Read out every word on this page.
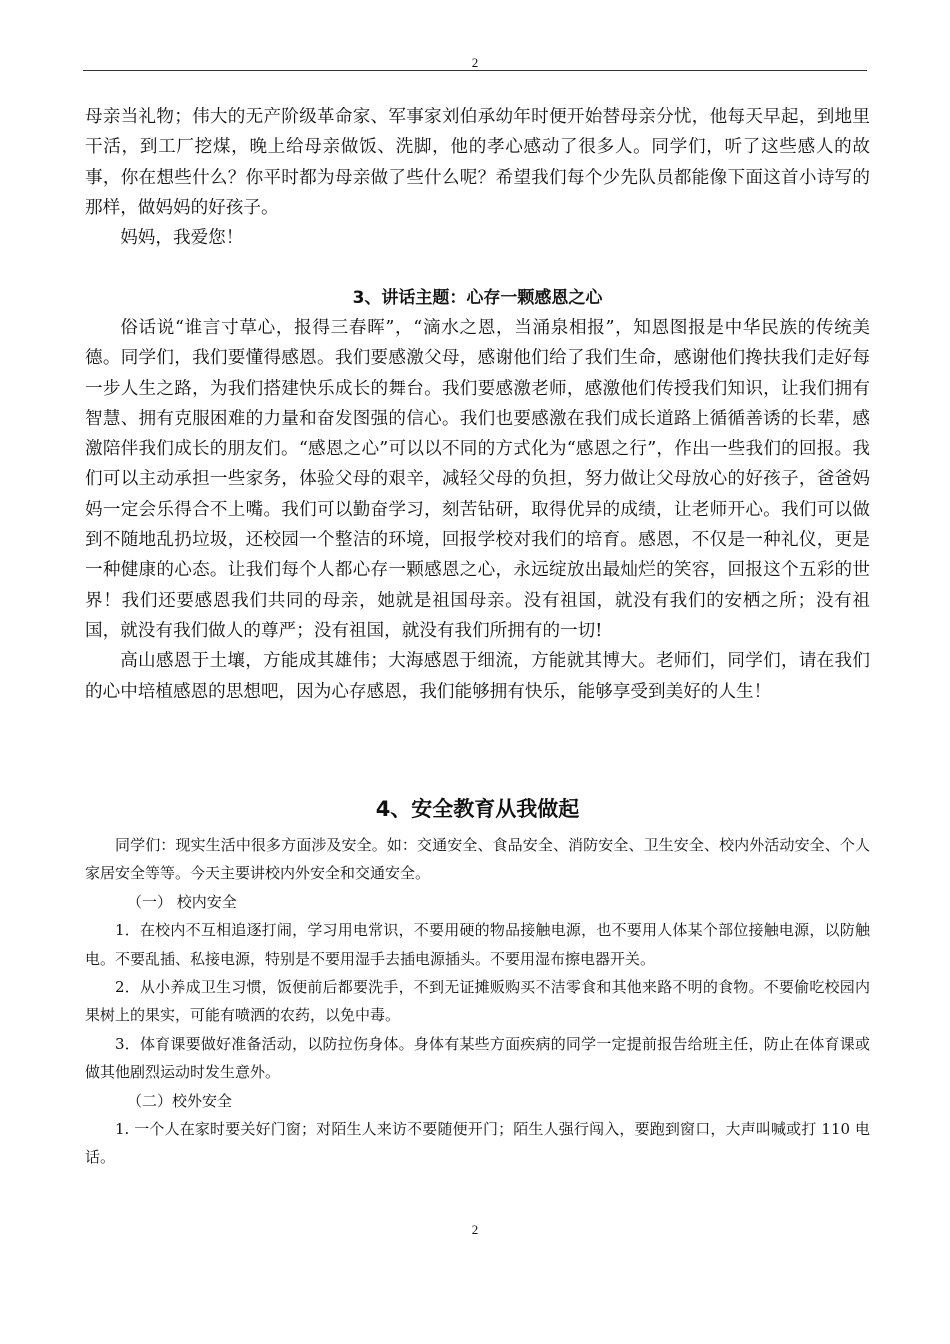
2

母亲当礼物；伟大的无产阶级革命家、军事家刘伯承幼年时便开始替母亲分忧，他每天早起，到地里干活，到工厂挖煤，晚上给母亲做饭、洗脚，他的孝心感动了很多人。同学们，听了这些感人的故事，你在想些什么？你平时都为母亲做了些什么呢？希望我们每个少先队员都能像下面这首小诗写的那样，做妈妈的好孩子。

妈妈，我爱您！

3、讲话主题：心存一颗感恩之心

俗话说“谁言寸草心，报得三春晖”，“滴水之恩，当涌泉相报”，知恩图报是中华民族的传统美德。同学们，我们要懂得感恩。我们要感激父母，感谢他们给了我们生命，感谢他们搀扶我们走好每一步人生之路，为我们搭建快乐成长的舞台。我们要感激老师，感激他们传授我们知识，让我们拥有智慧、拥有克服困难的力量和奋发图强的信心。我们也要感激在我们成长道路上循循善诱的长辈，感激陪伴我们成长的朋友们。“感恩之心”可以以不同的方式化为“感恩之行”，作出一些我们的回报。我们可以主动承担一些家务，体验父母的艰辛，减轻父母的负担，努力做让父母放心的好孩子，爸爸妈妈一定会乐得合不上嘴。我们可以勤奋学习，刻苦钻研，取得优异的成绩，让老师开心。我们可以做到不随地乱扔垃圾，还校园一个整洁的环境，回报学校对我们的培育。感恩，不仅是一种礼仪，更是一种健康的心态。让我们每个人都心存一颗感恩之心，永远绽放出最灿烂的笑容，回报这个五彩的世界！我们还要感恩我们共同的母亲，她就是祖国母亲。没有祖国，就没有我们的安栖之所；没有祖国，就没有我们做人的尊严；没有祖国，就没有我们所拥有的一切!

高山感恩于土壤，方能成其雄伟；大海感恩于细流，方能就其博大。老师们，同学们，请在我们的心中培植感恩的思想吧，因为心存感恩，我们能够拥有快乐，能够享受到美好的人生！

4、安全教育从我做起

同学们：现实生活中很多方面涉及安全。如：交通安全、食品安全、消防安全、卫生安全、校内外活动安全、个人家居安全等等。今天主要讲校内外安全和交通安全。

（一） 校内安全

1．在校内不互相追逐打闹，学习用电常识，不要用硬的物品接触电源，也不要用人体某个部位接触电源，以防触电。不要乱插、私接电源，特别是不要用湿手去插电源插头。不要用湿布擦电器开关。

2．从小养成卫生习惯，饭便前后都要洗手，不到无证摊贩购买不洁零食和其他来路不明的食物。不要偷吃校园内果树上的果实，可能有喷洒的农药，以免中毒。

3．体育课要做好准备活动，以防拉伤身体。身体有某些方面疾病的同学一定提前报告给班主任，防止在体育课或做其他剧烈运动时发生意外。

（二）校外安全

1. 一个人在家时要关好门窗；对陌生人来访不要随便开门；陌生人强行闯入，要跑到窗口，大声叫喊或打 110 电话。

2
